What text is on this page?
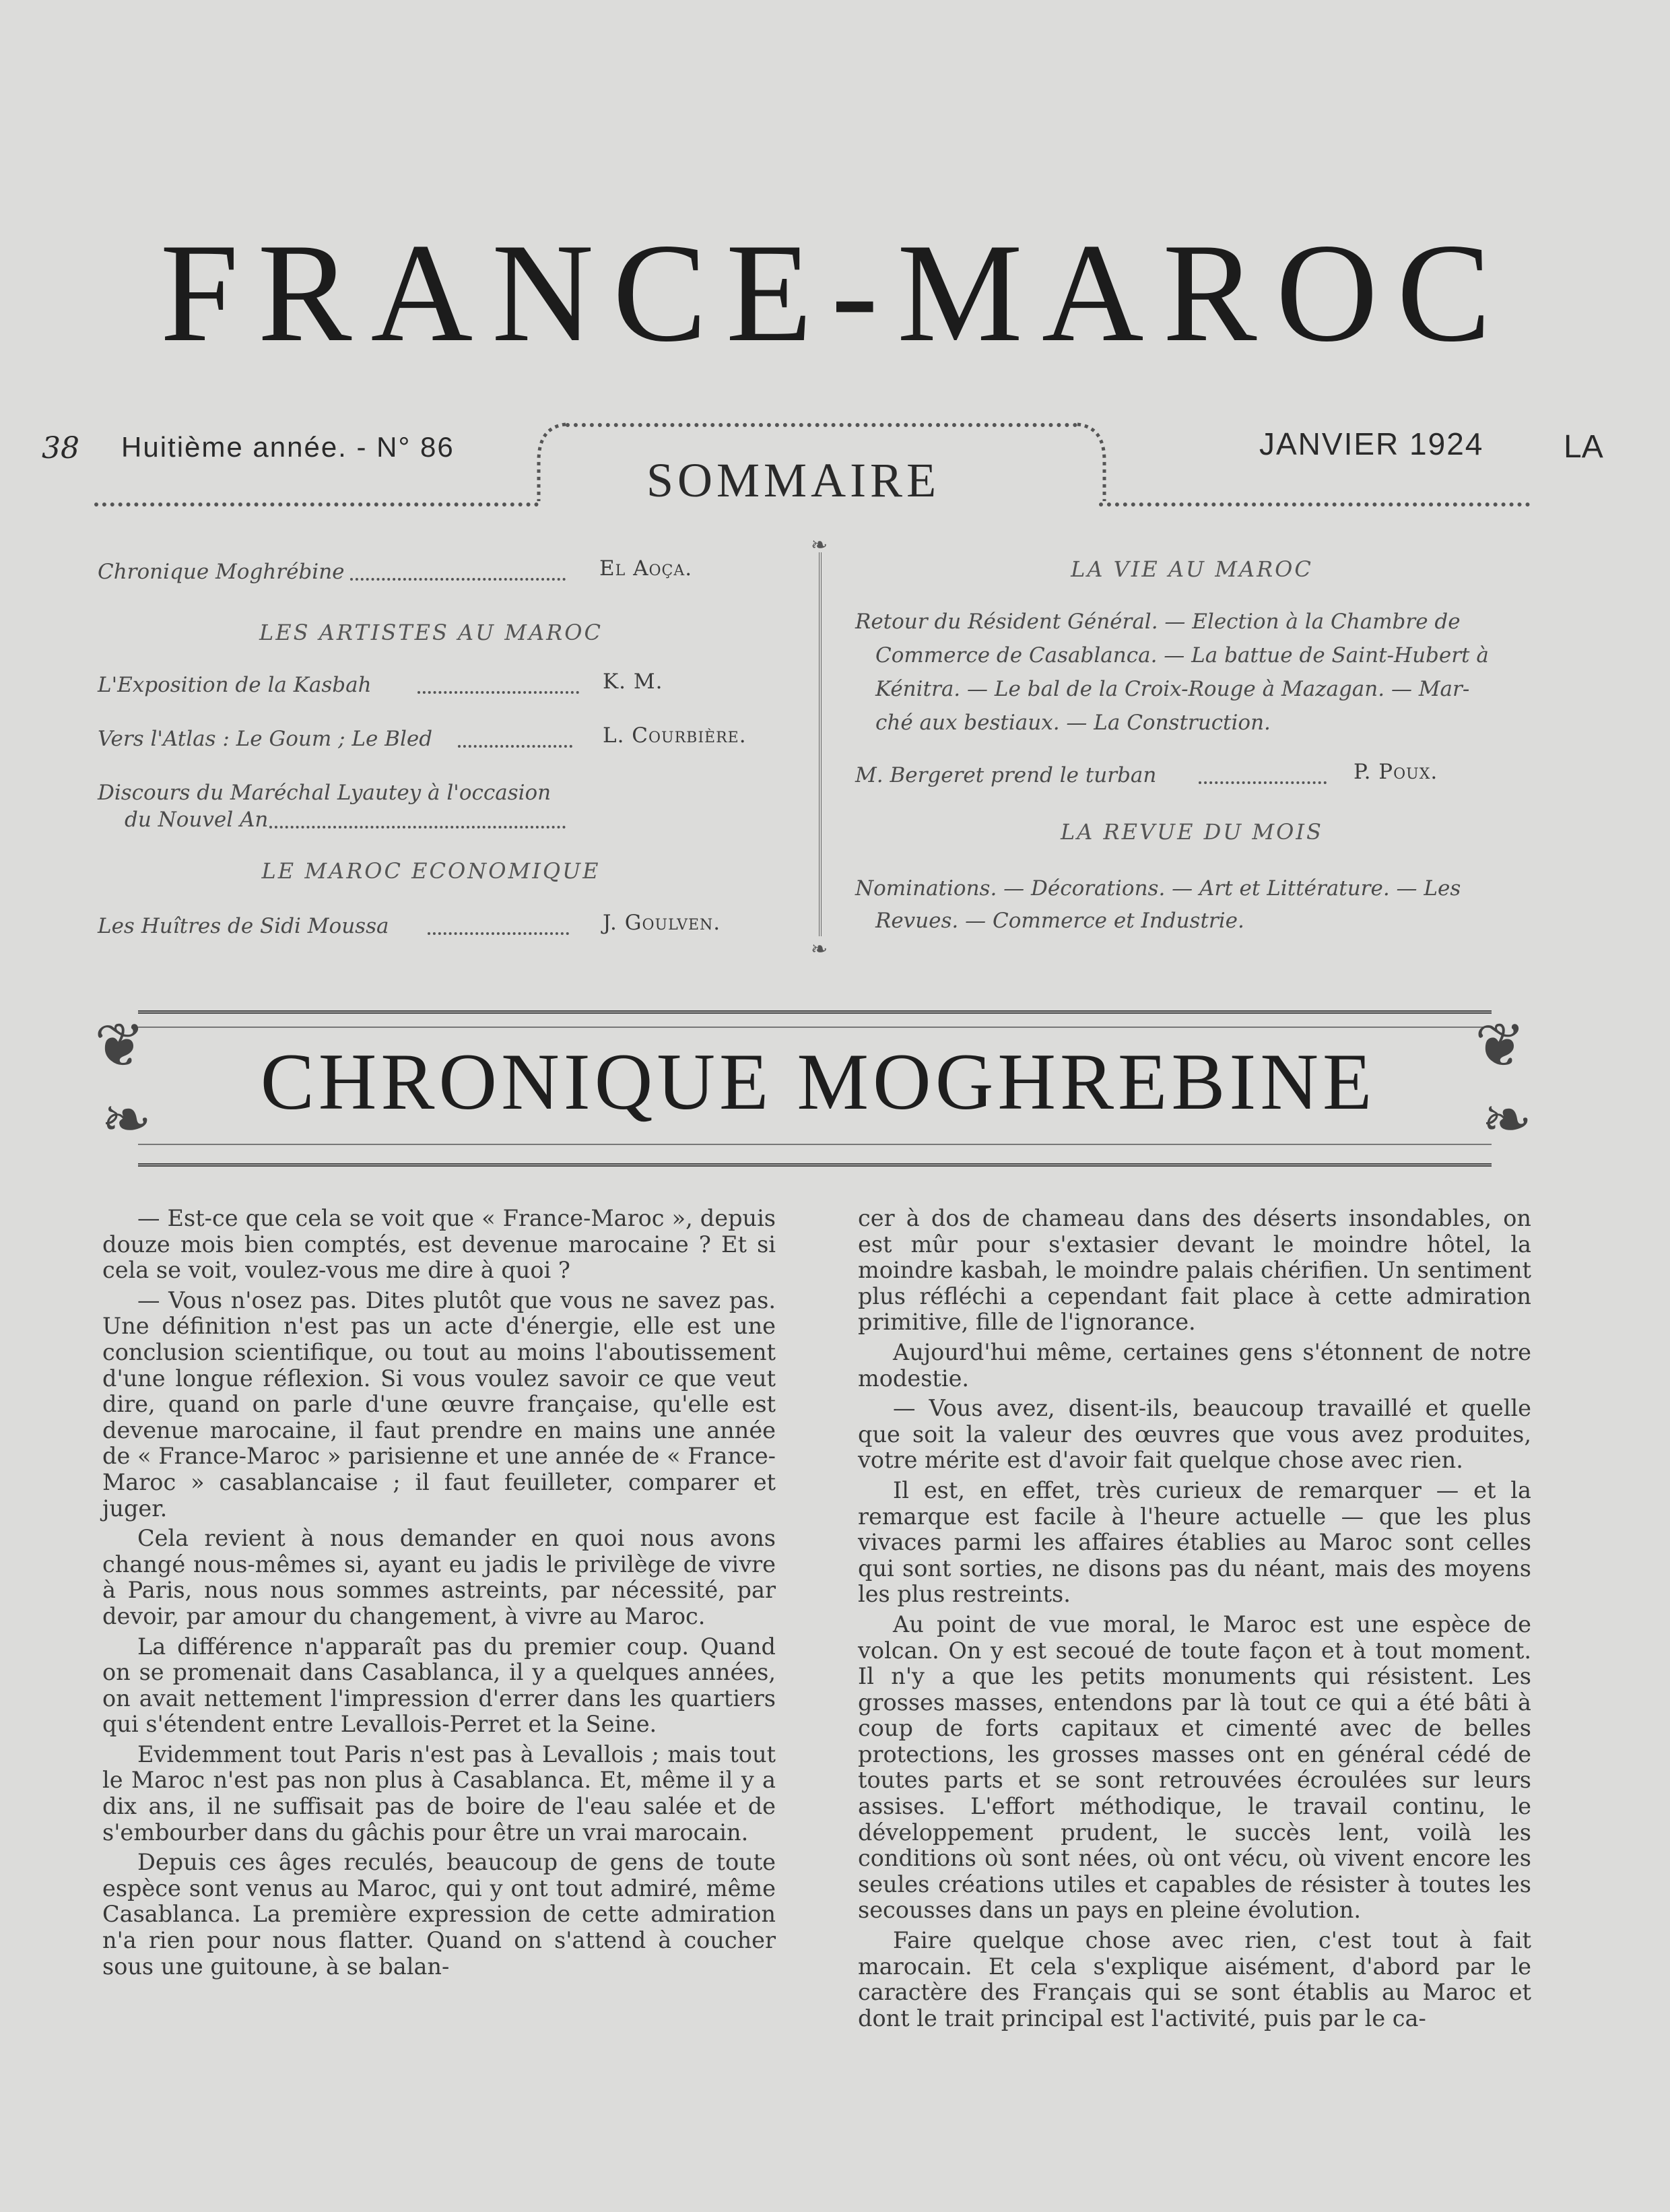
FRANCE-MAROC
38 Huitième année. - N° 86	JANVIER 1924 LA
SOMMAIRE
Chronique Moghrébine	El Aoça.
LES ARTISTES AU MAROC
L'Exposition de la Kasbah	K. M.
Vers l'Atlas : Le Goum ; Le Bled	L. Courbière.
Discours du Maréchal Lyautey à l'occasion
du Nouvel An
LE MAROC ECONOMIQUE
Les Huîtres de Sidi Moussa	J. Goulven.
❧
❧
LA VIE AU MAROC
Retour du Résident Général. — Election à la Chambre de
Commerce de Casablanca. — La battue de Saint-Hubert à
Kénitra. — Le bal de la Croix-Rouge à Mazagan. — Mar-
ché aux bestiaux. — La Construction.
M. Bergeret prend le turban	P. Poux.
LA REVUE DU MOIS
Nominations. — Décorations. — Art et Littérature. — Les
Revues. — Commerce et Industrie.
❦	❦
❧	❧
CHRONIQUE MOGHREBINE

— Est-ce que cela se voit que « France-Maroc », depuis douze mois bien comptés, est devenue marocaine ? Et si cela se voit, voulez-vous me dire à quoi ?

— Vous n'osez pas. Dites plutôt que vous ne savez pas. Une définition n'est pas un acte d'énergie, elle est une conclusion scientifique, ou tout au moins l'aboutissement d'une longue réflexion. Si vous voulez savoir ce que veut dire, quand on parle d'une œuvre française, qu'elle est devenue marocaine, il faut prendre en mains une année de « France-Maroc » parisienne et une année de « France-Maroc » casablancaise ; il faut feuilleter, comparer et juger.

Cela revient à nous demander en quoi nous avons changé nous-mêmes si, ayant eu jadis le privilège de vivre à Paris, nous nous sommes astreints, par nécessité, par devoir, par amour du changement, à vivre au Maroc.

La différence n'apparaît pas du premier coup. Quand on se promenait dans Casablanca, il y a quelques années, on avait nettement l'impression d'errer dans les quartiers qui s'étendent entre Levallois-Perret et la Seine.

Evidemment tout Paris n'est pas à Levallois ; mais tout le Maroc n'est pas non plus à Casablanca. Et, même il y a dix ans, il ne suffisait pas de boire de l'eau salée et de s'embourber dans du gâchis pour être un vrai marocain.

Depuis ces âges reculés, beaucoup de gens de toute espèce sont venus au Maroc, qui y ont tout admiré, même Casablanca. La première expression de cette admiration n'a rien pour nous flatter. Quand on s'attend à coucher sous une guitoune, à se balan-

cer à dos de chameau dans des déserts insondables, on est mûr pour s'extasier devant le moindre hôtel, la moindre kasbah, le moindre palais chérifien. Un sentiment plus réfléchi a cependant fait place à cette admiration primitive, fille de l'ignorance.

Aujourd'hui même, certaines gens s'étonnent de notre modestie.

— Vous avez, disent-ils, beaucoup travaillé et quelle que soit la valeur des œuvres que vous avez produites, votre mérite est d'avoir fait quelque chose avec rien.

Il est, en effet, très curieux de remarquer — et la remarque est facile à l'heure actuelle — que les plus vivaces parmi les affaires établies au Maroc sont celles qui sont sorties, ne disons pas du néant, mais des moyens les plus restreints.

Au point de vue moral, le Maroc est une espèce de volcan. On y est secoué de toute façon et à tout moment. Il n'y a que les petits monuments qui résistent. Les grosses masses, entendons par là tout ce qui a été bâti à coup de forts capitaux et cimenté avec de belles protections, les grosses masses ont en général cédé de toutes parts et se sont retrouvées écroulées sur leurs assises. L'effort méthodique, le travail continu, le développement prudent, le succès lent, voilà les conditions où sont nées, où ont vécu, où vivent encore les seules créations utiles et capables de résister à toutes les secousses dans un pays en pleine évolution.

Faire quelque chose avec rien, c'est tout à fait marocain. Et cela s'explique aisément, d'abord par le caractère des Français qui se sont établis au Maroc et dont le trait principal est l'activité, puis par le ca-
